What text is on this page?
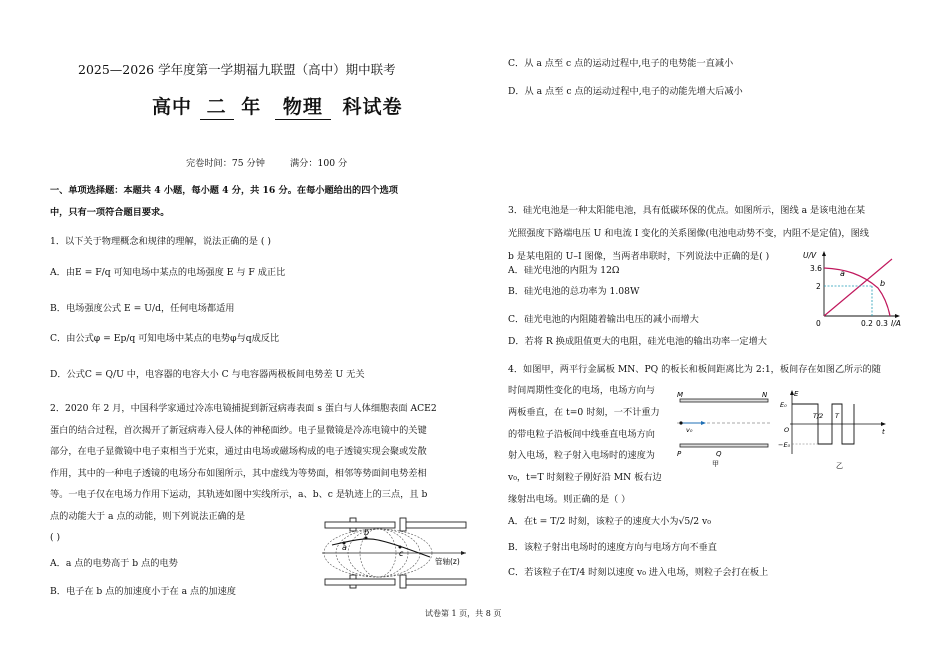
2025—2026 学年度第一学期福九联盟（高中）期中联考
高中 二 年 物理 科试卷
完卷时间：75 分钟	满分：100 分
一、单项选择题：本题共 4 小题，每小题 4 分，共 16 分。在每小题给出的四个选项
中，只有一项符合题目要求。
1．以下关于物理概念和规律的理解，说法正确的是 ( )
A．由E = F/q 可知电场中某点的电场强度 E 与 F 成正比
B．电场强度公式 E = U/d，任何电场都适用
C．由公式φ = Ep/q 可知电场中某点的电势φ与q成反比
D．公式C = Q/U 中，电容器的电容大小 C 与电容器两极板间电势差 U 无关
2．2020 年 2 月，中国科学家通过冷冻电镜捕捉到新冠病毒表面 s 蛋白与人体细胞表面 ACE2
蛋白的结合过程，首次揭开了新冠病毒入侵人体的神秘面纱。电子显微镜是冷冻电镜中的关键
部分，在电子显微镜中电子束相当于光束，通过由电场或磁场构成的电子透镜实现会聚或发散
作用，其中的一种电子透镜的电场分布如图所示，其中虚线为等势面，相邻等势面间电势差相
等。一电子仅在电场力作用下运动，其轨迹如图中实线所示，a、b、c 是轨迹上的三点，且 b
点的动能大于 a 点的动能，则下列说法正确的是
( )
A．a 点的电势高于 b 点的电势
B．电子在 b 点的加速度小于在 a 点的加速度
a
b
c
管轴(z)
C．从 a 点至 c 点的运动过程中,电子的电势能一直减小
D．从 a 点至 c 点的运动过程中,电子的动能先增大后减小
3．硅光电池是一种太阳能电池，具有低碳环保的优点。如图所示，图线 a 是该电池在某
光照强度下路端电压 U 和电流 I 变化的关系图像(电池电动势不变，内阻不是定值)，图线
b 是某电阻的 U–I 图像，当两者串联时，下列说法中正确的是( )
A．硅光电池的内阻为 12Ω
B．硅光电池的总功率为 1.08W
C．硅光电池的内阻随着输出电压的减小而增大
D．若将 R 换成阻值更大的电阻，硅光电池的输出功率一定增大
U/V
I/A
0
3.6
2
0.2 0.3
a
b
4．如图甲，两平行金属板 MN、PQ 的板长和板间距离比为 2:1，板间存在如图乙所示的随
时间周期性变化的电场，电场方向与
两板垂直，在 t=0 时刻，一不计重力
的带电粒子沿板间中线垂直电场方向
射入电场，粒子射入电场时的速度为
v₀，t=T 时刻粒子刚好沿 MN 板右边
缘射出电场。则正确的是（ ）
M	N
P	Q
v₀
甲
E
E₀
−E₀
O
T/2 T
t
乙
A．在t = T/2 时刻，该粒子的速度大小为√5/2 v₀
B．该粒子射出电场时的速度方向与电场方向不垂直
C．若该粒子在T/4 时刻以速度 v₀ 进入电场，则粒子会打在板上
试卷第 1 页，共 8 页
